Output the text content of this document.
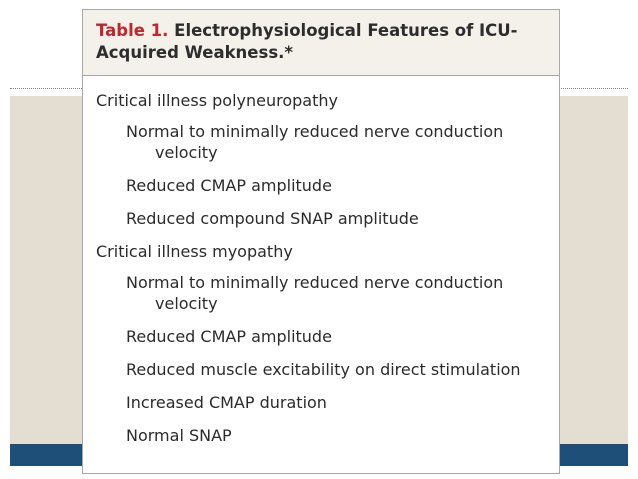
Table 1. Electrophysiological Features of ICU-Acquired Weakness.*
Critical illness polyneuropathy
Normal to minimally reduced nerve conduction velocity
Reduced CMAP amplitude
Reduced compound SNAP amplitude
Critical illness myopathy
Normal to minimally reduced nerve conduction velocity
Reduced CMAP amplitude
Reduced muscle excitability on direct stimulation
Increased CMAP duration
Normal SNAP
